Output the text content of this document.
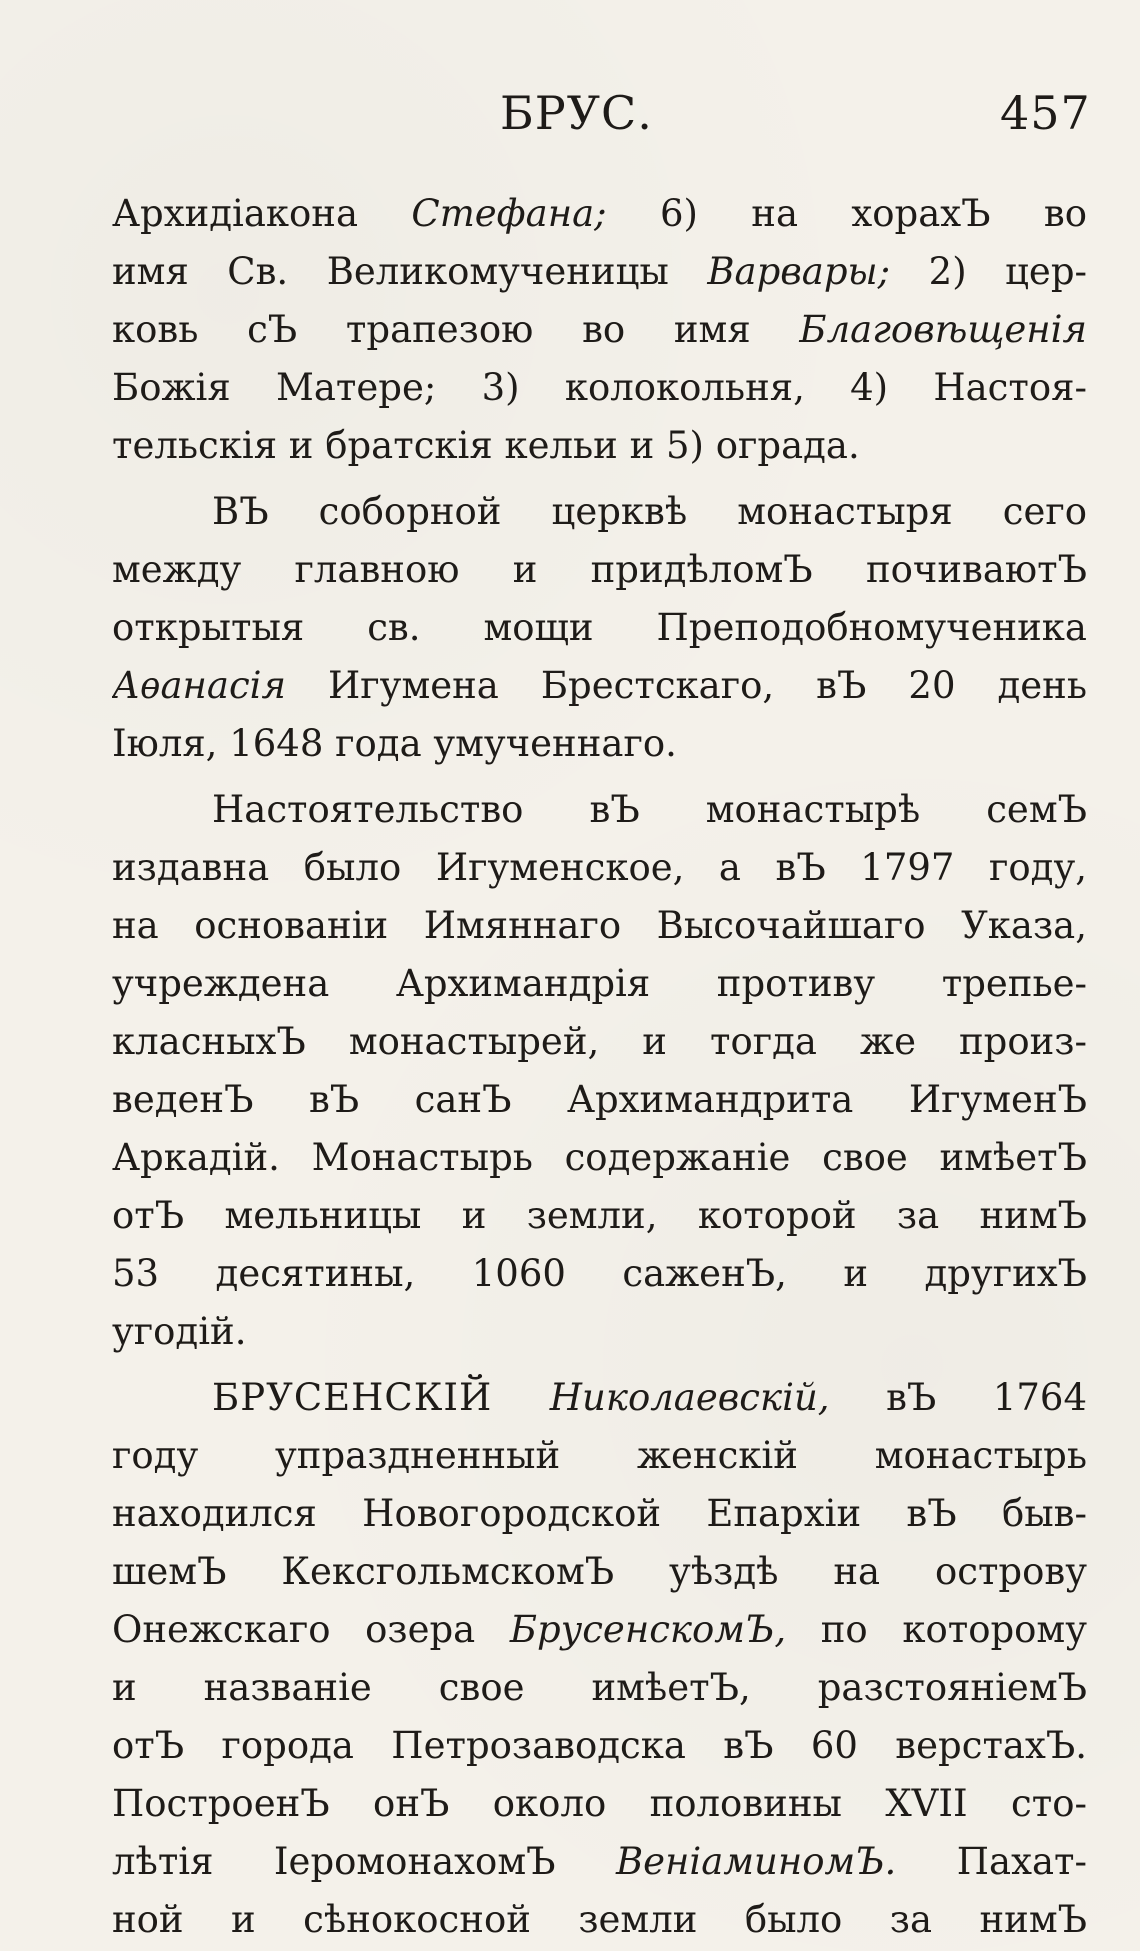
БРУС.	457
Архидiакона Стефана; 6) на хорахЪ во
имя Св. Великомученицы Варвары; 2) цер-
ковь сЪ трапезою во имя Благовѣщенiя
Божiя Матере; 3) колокольня, 4) Настоя-
тельскiя и братскiя кельи и 5) ограда.
ВЪ соборной церквѣ монастыря сего
между главною и придѣломЪ почиваютЪ
открытыя св. мощи Преподобномученика
Аѳанасiя Игумена Брестскаго, вЪ 20 день
Iюля, 1648 года умученнаго.
Настоятельство вЪ монастырѣ семЪ
издавна было Игуменское, а вЪ 1797 году,
на основанiи Имяннаго Высочайшаго Указа,
учреждена Архимандрiя противу трепье-
класныхЪ монастырей, и тогда же произ-
веденЪ вЪ санЪ Архимандрита ИгуменЪ
Аркадiй. Монастырь содержанiе свое имѣетЪ
отЪ мельницы и земли, которой за нимЪ
53 десятины, 1060 саженЪ, и другихЪ
угодiй.
БРУСЕНСКIЙ Николаевскiй, вЪ 1764
году упраздненный женскiй монастырь
находился Новогородской Епархiи вЪ быв-
шемЪ КексгольмскомЪ уѣздѣ на острову
Онежскаго озера БрусенскомЪ, по которому
и названiе свое имѣетЪ, разстоянiемЪ
отЪ города Петрозаводска вЪ 60 верстахЪ.
ПостроенЪ онЪ около половины XVII сто-
лѣтiя IеромонахомЪ ВенiаминомЪ. Пахат-
ной и сѣнокосной земли было за нимЪ
